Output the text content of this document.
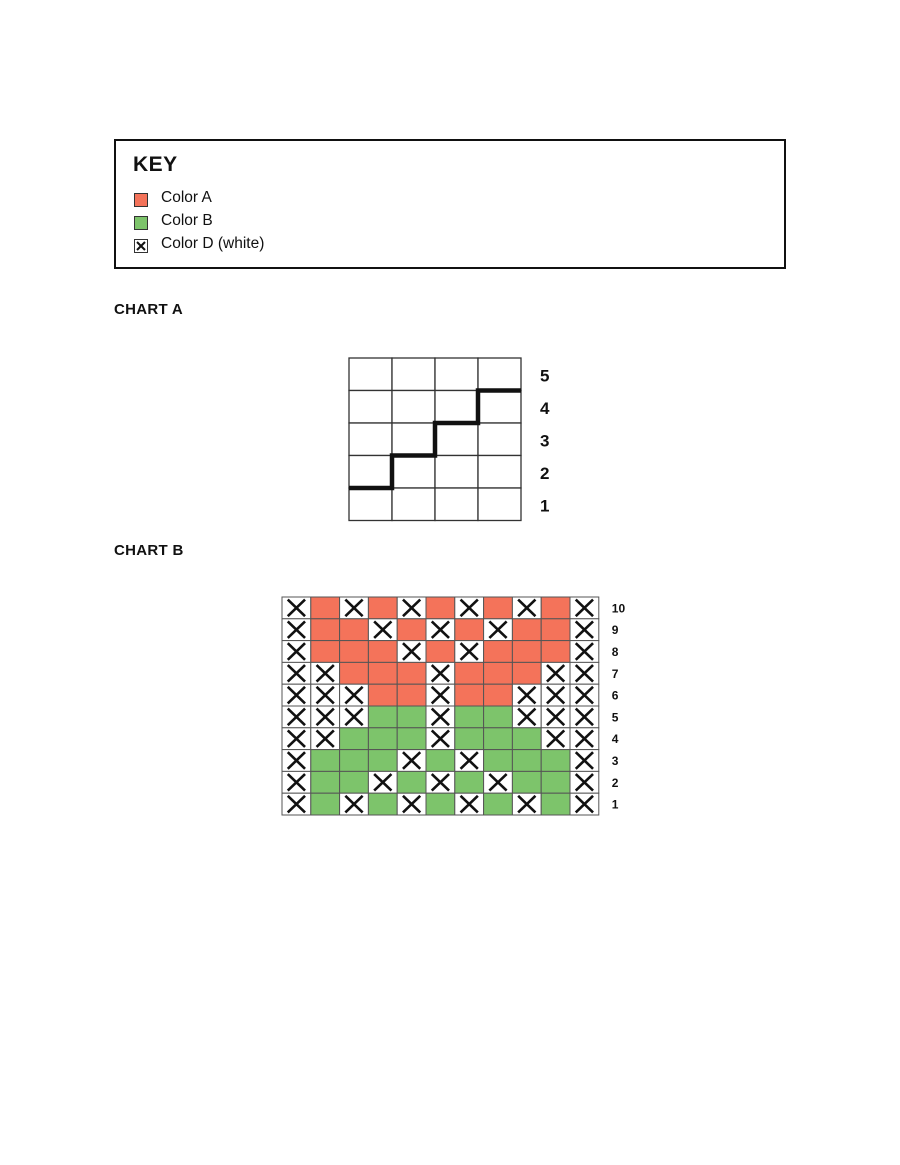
KEY
Color A
Color B
Color D (white)
CHART A
5
4
3
2
1
CHART B
10
9
8
7
6
5
4
3
2
1
